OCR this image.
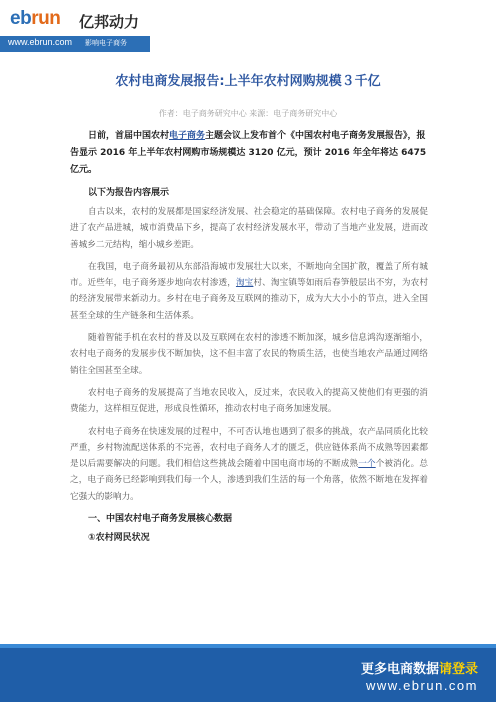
ebrun 亿邦动力
www.ebrun.com 影响电子商务
农村电商发展报告:上半年农村网购规模３千亿
作者：电子商务研究中心 来源：电子商务研究中心

日前，首届中国农村电子商务主题会议上发布首个《中国农村电子商务发展报告》，报告显示 2016 年上半年农村网购市场规模达 3120 亿元，预计 2016 年全年将达 6475 亿元。

以下为报告内容展示

自古以来，农村的发展都是国家经济发展、社会稳定的基础保障。农村电子商务的发展促进了农产品进城，城市消费品下乡，提高了农村经济发展水平，带动了当地产业发展，进而改善城乡二元结构，缩小城乡差距。

在我国，电子商务最初从东部沿海城市发展壮大以来，不断地向全国扩散，覆盖了所有城市。近些年，电子商务逐步地向农村渗透，淘宝村、淘宝镇等如雨后春笋般层出不穷，为农村的经济发展带来新动力。乡村在电子商务及互联网的推动下，成为大大小小的节点，进入全国甚至全球的生产链条和生活体系。

随着智能手机在农村的普及以及互联网在农村的渗透不断加深，城乡信息鸿沟逐渐缩小，农村电子商务的发展步伐不断加快，这不但丰富了农民的物质生活，也使当地农产品通过网络销往全国甚至全球。

农村电子商务的发展提高了当地农民收入，反过来，农民收入的提高又使他们有更强的消费能力，这样相互促进，形成良性循环，推动农村电子商务加速发展。

农村电子商务在快速发展的过程中，不可否认地也遇到了很多的挑战，农产品同质化比较严重，乡村物流配送体系的不完善，农村电子商务人才的匮乏，供应链体系尚不成熟等因素都是以后需要解决的问题。我们相信这些挑战会随着中国电商市场的不断成熟一个个被消化。总之，电子商务已经影响到我们每一个人，渗透到我们生活的每一个角落，依然不断地在发挥着它强大的影响力。

一、中国农村电子商务发展核心数据
①农村网民状况
更多电商数据请登录
www.ebrun.com
